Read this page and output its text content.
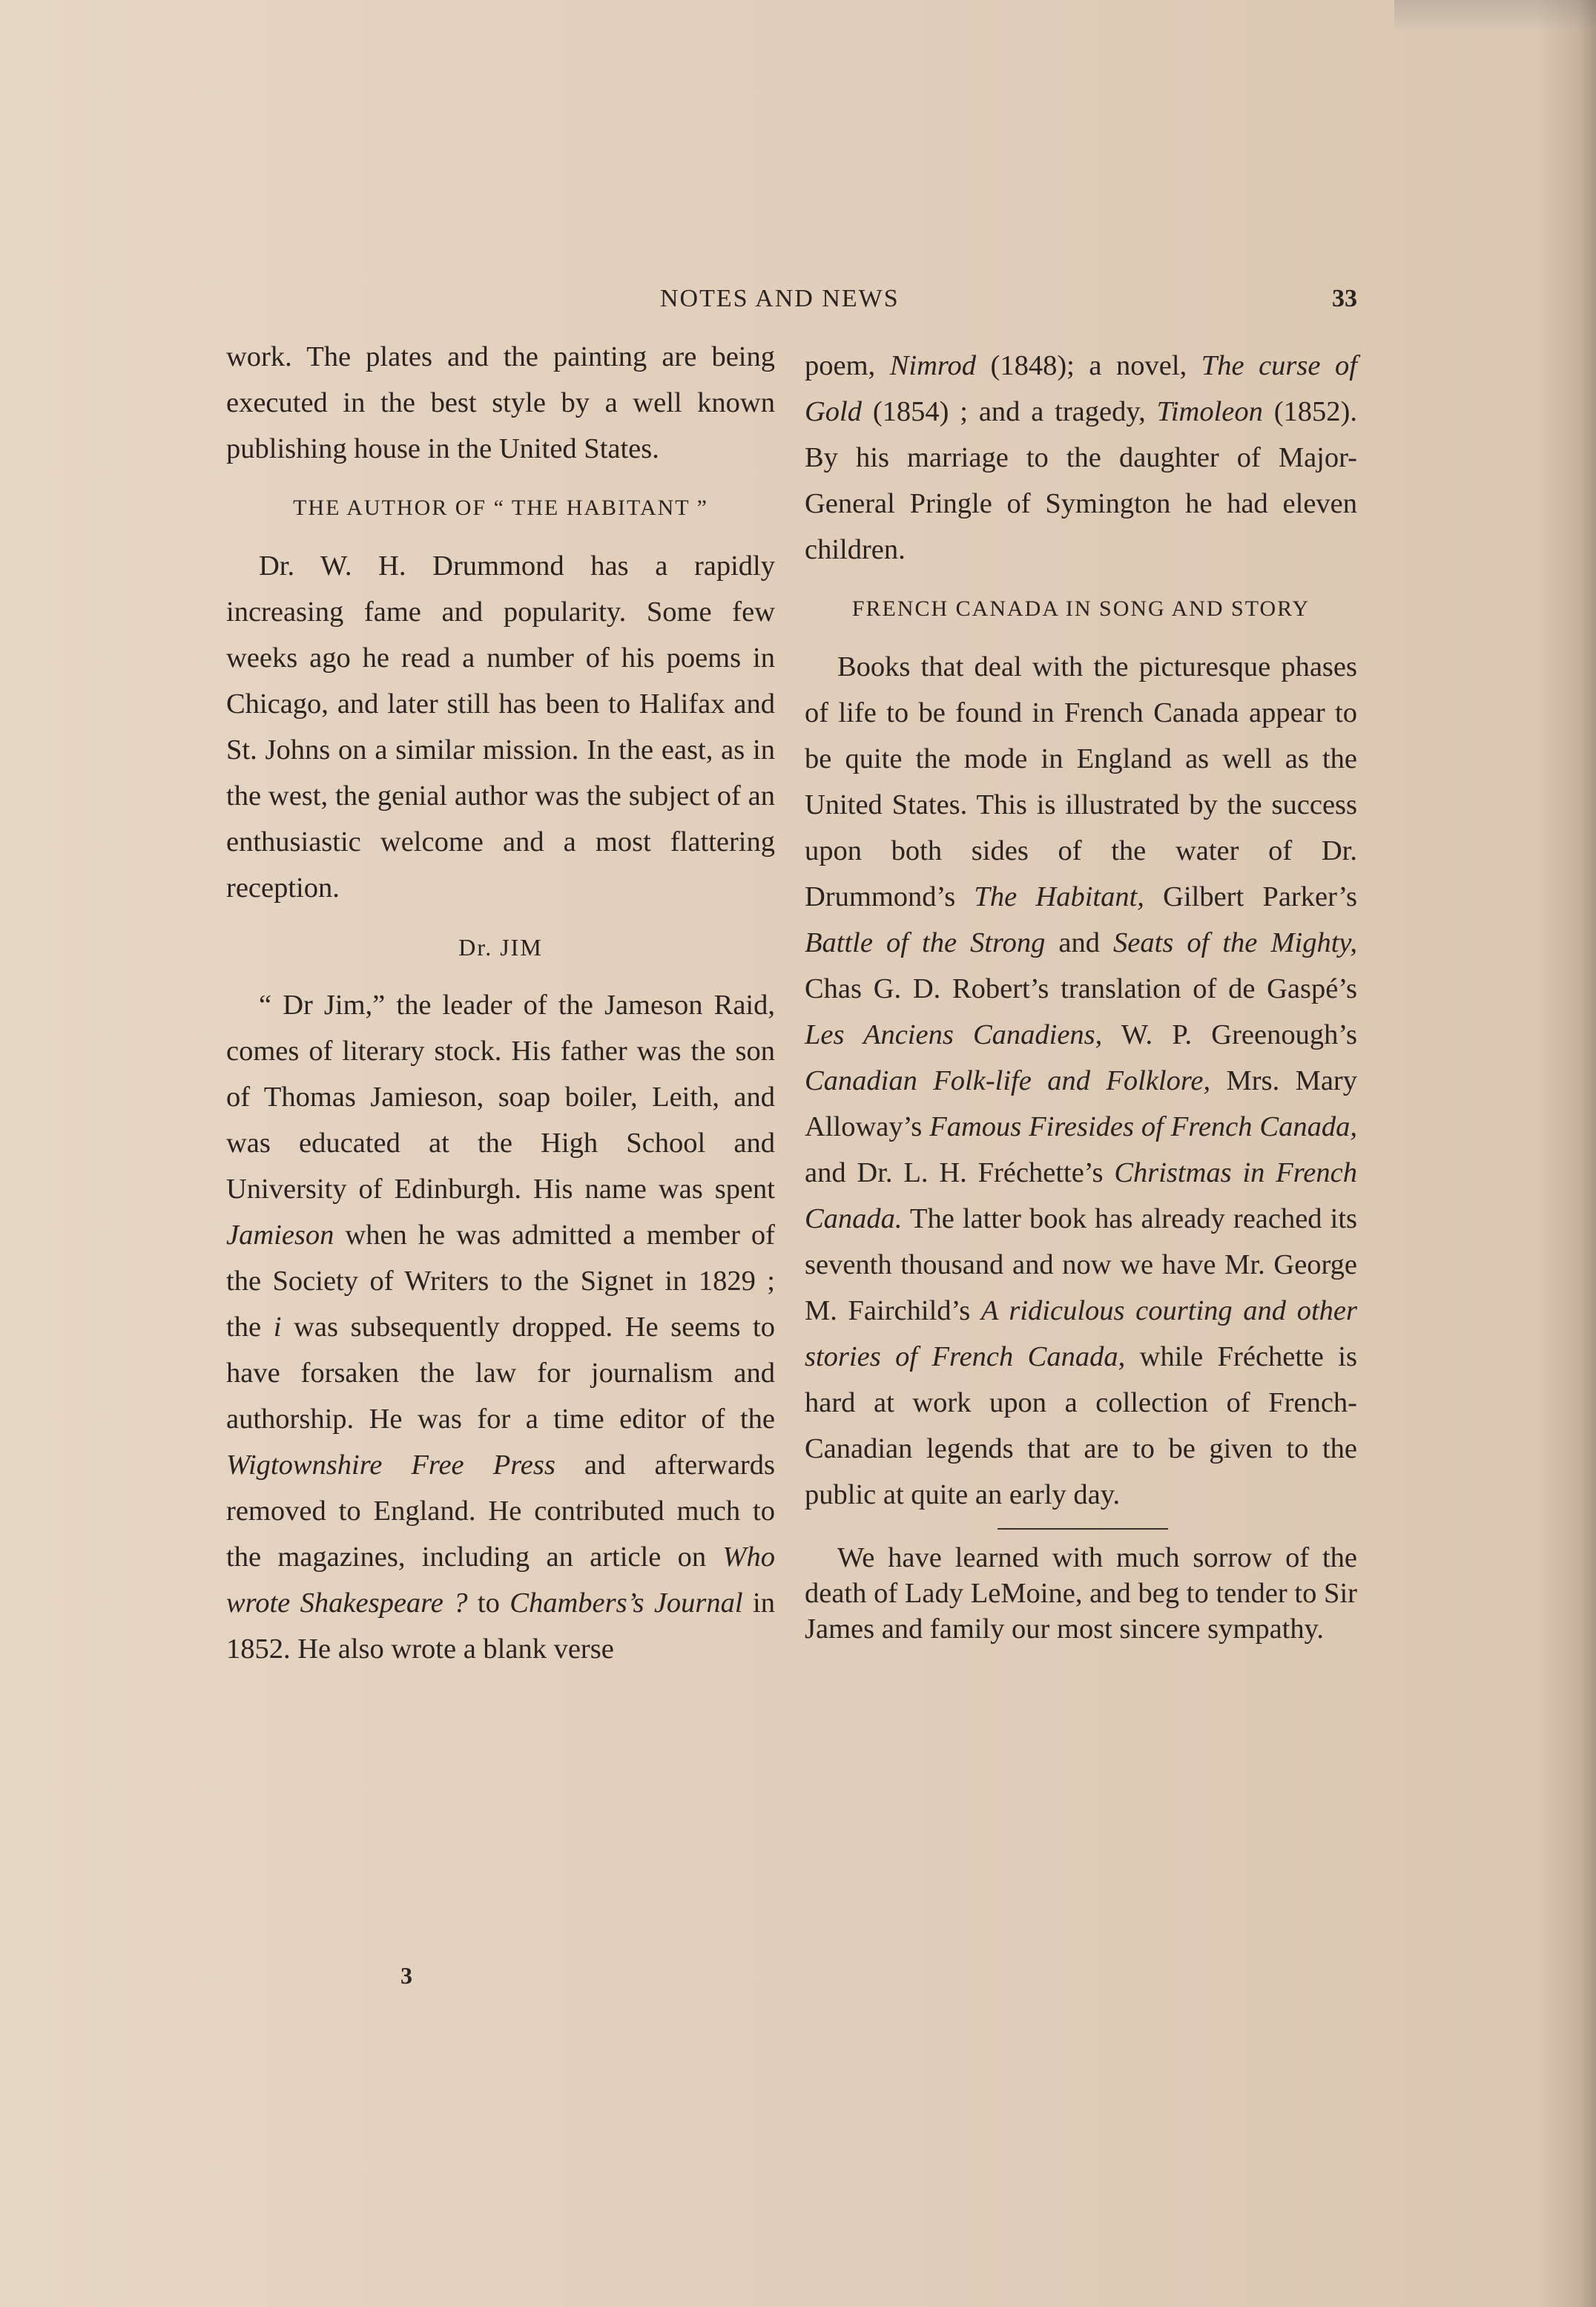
NOTES AND NEWS	33

work. The plates and the painting are being executed in the best style by a well known publishing house in the United States.

THE AUTHOR OF “ THE HABITANT ”

Dr. W. H. Drummond has a rapidly increasing fame and popularity. Some few weeks ago he read a number of his poems in Chicago, and later still has been to Halifax and St. Johns on a similar mission. In the east, as in the west, the genial author was the subject of an enthusiastic welcome and a most flattering reception.

Dr. JIM

“ Dr Jim,” the leader of the Jameson Raid, comes of literary stock. His father was the son of Thomas Jamieson, soap boiler, Leith, and was educated at the High School and University of Edinburgh. His name was spent Jamieson when he was admitted a member of the Society of Writers to the Signet in 1829 ; the i was subsequently dropped. He seems to have forsaken the law for journalism and authorship. He was for a time editor of the Wigtownshire Free Press and afterwards removed to England. He contributed much to the magazines, including an article on Who wrote Shakespeare ? to Chambers’s Journal in 1852. He also wrote a blank verse

3

poem, Nimrod (1848); a novel, The curse of Gold (1854) ; and a tragedy, Timoleon (1852). By his marriage to the daughter of Major-General Pringle of Symington he had eleven children.

FRENCH CANADA IN SONG AND STORY

Books that deal with the picturesque phases of life to be found in French Canada appear to be quite the mode in England as well as the United States. This is illustrated by the success upon both sides of the water of Dr. Drummond’s The Habitant, Gilbert Parker’s Battle of the Strong and Seats of the Mighty, Chas G. D. Robert’s translation of de Gaspé’s Les Anciens Canadiens, W. P. Greenough’s Canadian Folk-life and Folklore, Mrs. Mary Alloway’s Famous Firesides of French Canada, and Dr. L. H. Fréchette’s Christmas in French Canada. The latter book has already reached its seventh thousand and now we have Mr. George M. Fairchild’s A ridiculous courting and other stories of French Canada, while Fréchette is hard at work upon a collection of French-Canadian legends that are to be given to the public at quite an early day.

We have learned with much sorrow of the death of Lady LeMoine, and beg to tender to Sir James and family our most sincere sympathy.
